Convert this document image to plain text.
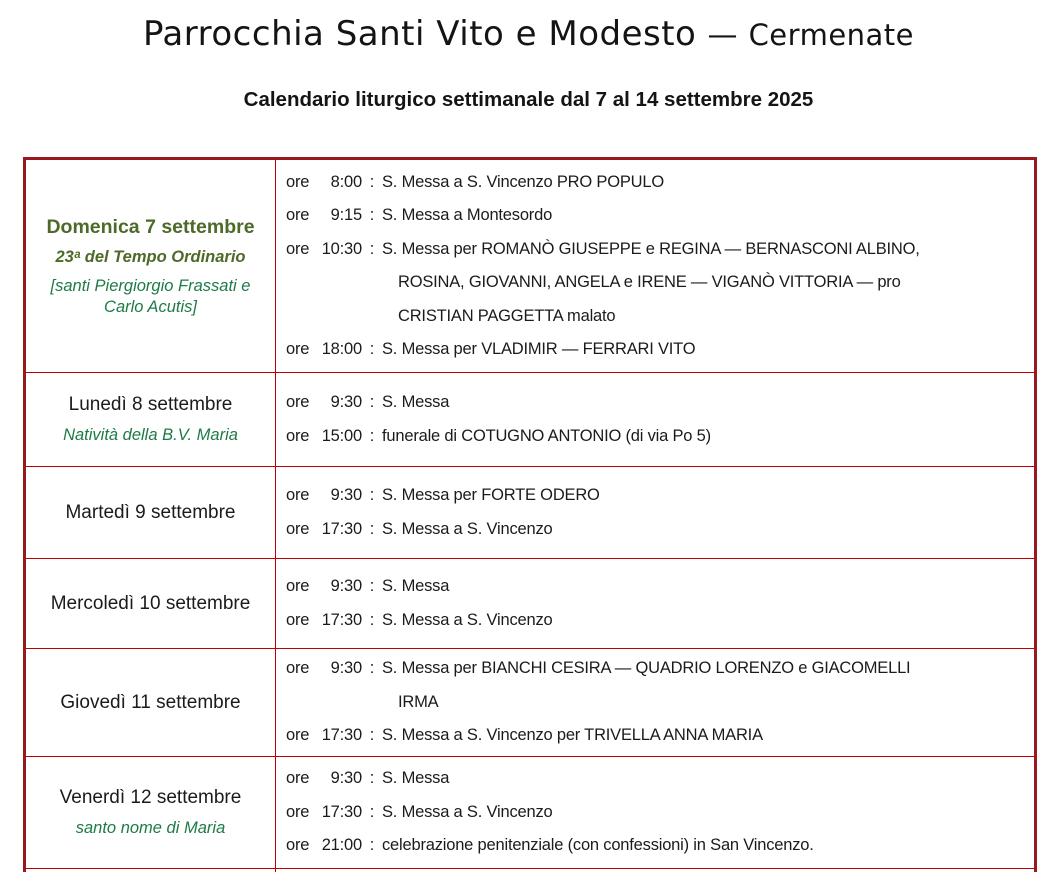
Parrocchia Santi Vito e Modesto — Cermenate
Calendario liturgico settimanale dal 7 al 14 settembre 2025
Domenica 7 settembre
23ᵃ del Tempo Ordinario
[santi Piergiorgio Frassati e Carlo Acutis]
ore	8:00 : S. Messa a S. Vincenzo PRO POPULO
ore	9:15 : S. Messa a Montesordo
ore 10:30 : S. Messa per ROMANÒ GIUSEPPE e REGINA — BERNASCONI ALBINO,
ROSINA, GIOVANNI, ANGELA e IRENE — VIGANÒ VITTORIA — pro
CRISTIAN PAGGETTA malato
ore 18:00 : S. Messa per VLADIMIR — FERRARI VITO
Lunedì 8 settembre
Natività della B.V. Maria
ore	9:30 : S. Messa
ore 15:00 : funerale di COTUGNO ANTONIO (di via Po 5)
Martedì 9 settembre
ore	9:30 : S. Messa per FORTE ODERO
ore 17:30 : S. Messa a S. Vincenzo
Mercoledì 10 settembre
ore	9:30 : S. Messa
ore 17:30 : S. Messa a S. Vincenzo
Giovedì 11 settembre
ore	9:30 : S. Messa per BIANCHI CESIRA — QUADRIO LORENZO e GIACOMELLI
IRMA
ore 17:30 : S. Messa a S. Vincenzo per TRIVELLA ANNA MARIA
Venerdì 12 settembre
santo nome di Maria
ore	9:30 : S. Messa
ore 17:30 : S. Messa a S. Vincenzo
ore 21:00 : celebrazione penitenziale (con confessioni) in San Vincenzo.
